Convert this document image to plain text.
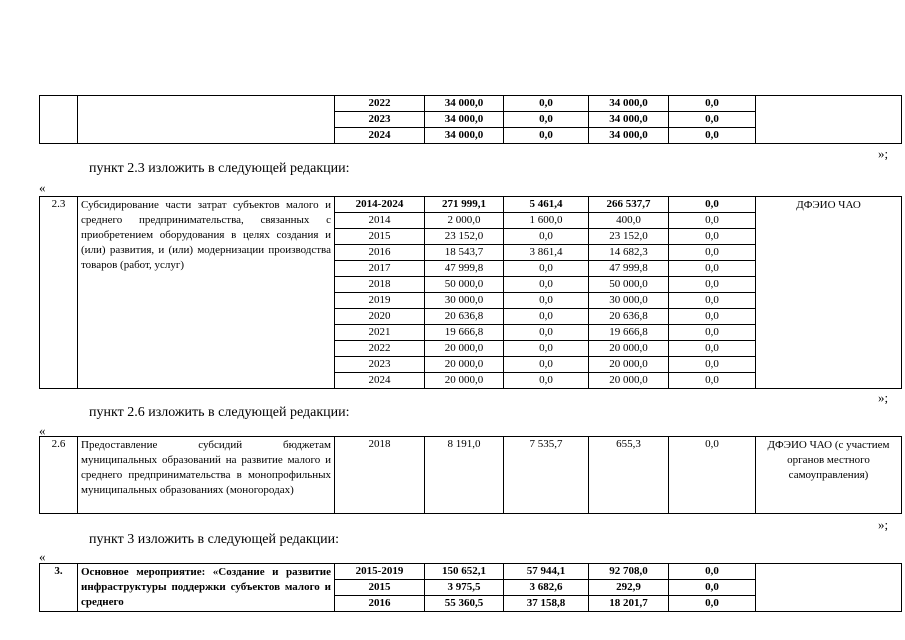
		2022	34 000,0	0,0	34 000,0	0,0	
		2023	34 000,0	0,0	34 000,0	0,0	
		2024	34 000,0	0,0	34 000,0	0,0	
»;
пункт 2.3 изложить в следующей редакции:
«
2.3	Субсидирование части затрат субъектов малого и среднего предпринимательства, связанных с приобретением оборудования в целях создания и (или) развития, и (или) модернизации производства товаров (работ, услуг)	2014-2024	271 999,1	5 461,4	266 537,7	0,0	ДФЭИО ЧАО
		2014	2 000,0	1 600,0	400,0	0,0	
		2015	23 152,0	0,0	23 152,0	0,0	
		2016	18 543,7	3 861,4	14 682,3	0,0	
		2017	47 999,8	0,0	47 999,8	0,0	
		2018	50 000,0	0,0	50 000,0	0,0	
		2019	30 000,0	0,0	30 000,0	0,0	
		2020	20 636,8	0,0	20 636,8	0,0	
		2021	19 666,8	0,0	19 666,8	0,0	
		2022	20 000,0	0,0	20 000,0	0,0	
		2023	20 000,0	0,0	20 000,0	0,0	
		2024	20 000,0	0,0	20 000,0	0,0	
»;
пункт 2.6 изложить в следующей редакции:
«
2.6	Предоставление субсидий бюджетам муниципальных образований на развитие малого и среднего предпринимательства в монопрофильных муниципальных образованиях (моногородах)	2018	8 191,0	7 535,7	655,3	0,0	ДФЭИО ЧАО (с участием органов местного самоуправления)
»;
пункт 3 изложить в следующей редакции:
«
3.	Основное мероприятие: «Создание и развитие инфраструктуры поддержки субъектов малого и среднего	2015-2019	150 652,1	57 944,1	92 708,0	0,0	
		2015	3 975,5	3 682,6	292,9	0,0	
		2016	55 360,5	37 158,8	18 201,7	0,0	
